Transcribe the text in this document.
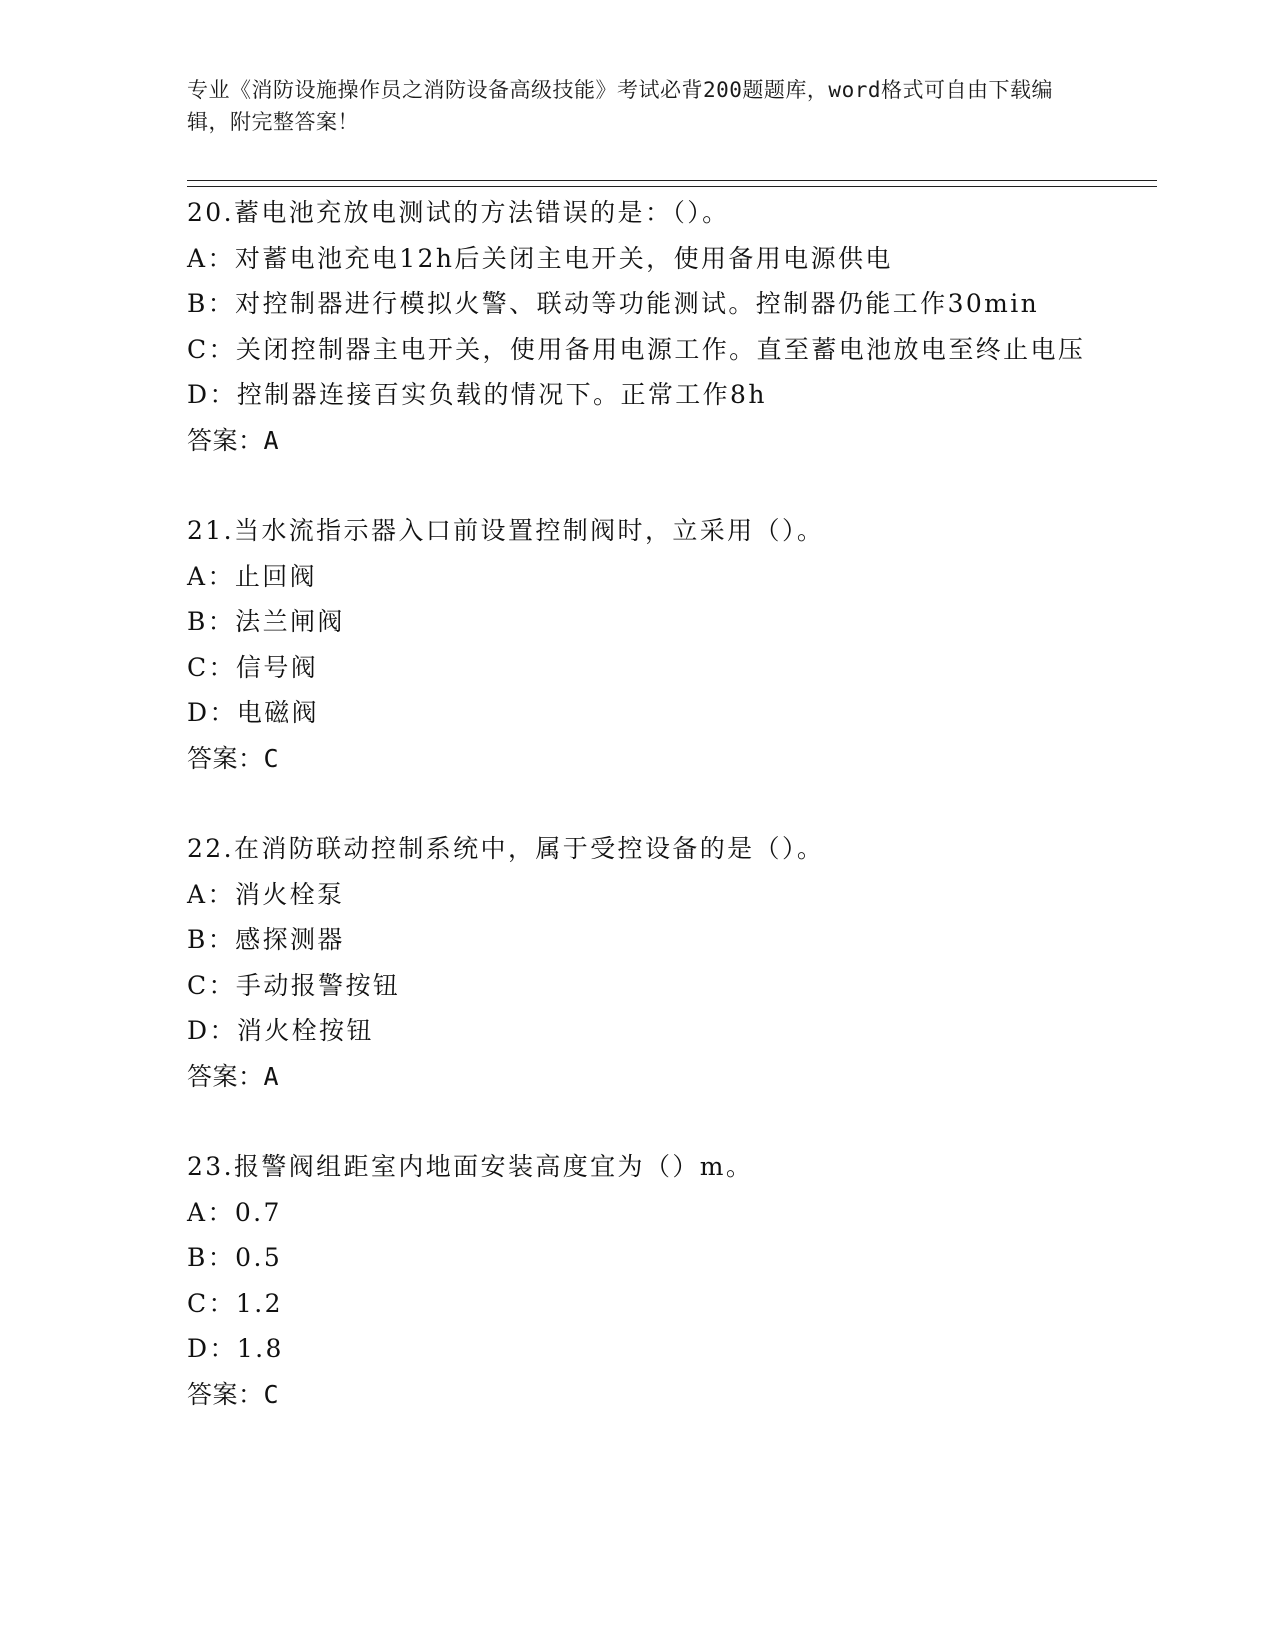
专业《消防设施操作员之消防设备高级技能》考试必背200题题库，word格式可自由下载编辑，附完整答案！
20.蓄电池充放电测试的方法错误的是：（）。
A：对蓄电池充电12h后关闭主电开关，使用备用电源供电
B：对控制器进行模拟火警、联动等功能测试。控制器仍能工作30min
C：关闭控制器主电开关，使用备用电源工作。直至蓄电池放电至终止电压
D：控制器连接百实负载的情况下。正常工作8h
答案：A
21.当水流指示器入口前设置控制阀时，立采用（）。
A：止回阀
B：法兰闸阀
C：信号阀
D：电磁阀
答案：C
22.在消防联动控制系统中，属于受控设备的是（）。
A：消火栓泵
B：感探测器
C：手动报警按钮
D：消火栓按钮
答案：A
23.报警阀组距室内地面安装高度宜为（）m。
A：0.7
B：0.5
C：1.2
D：1.8
答案：C
